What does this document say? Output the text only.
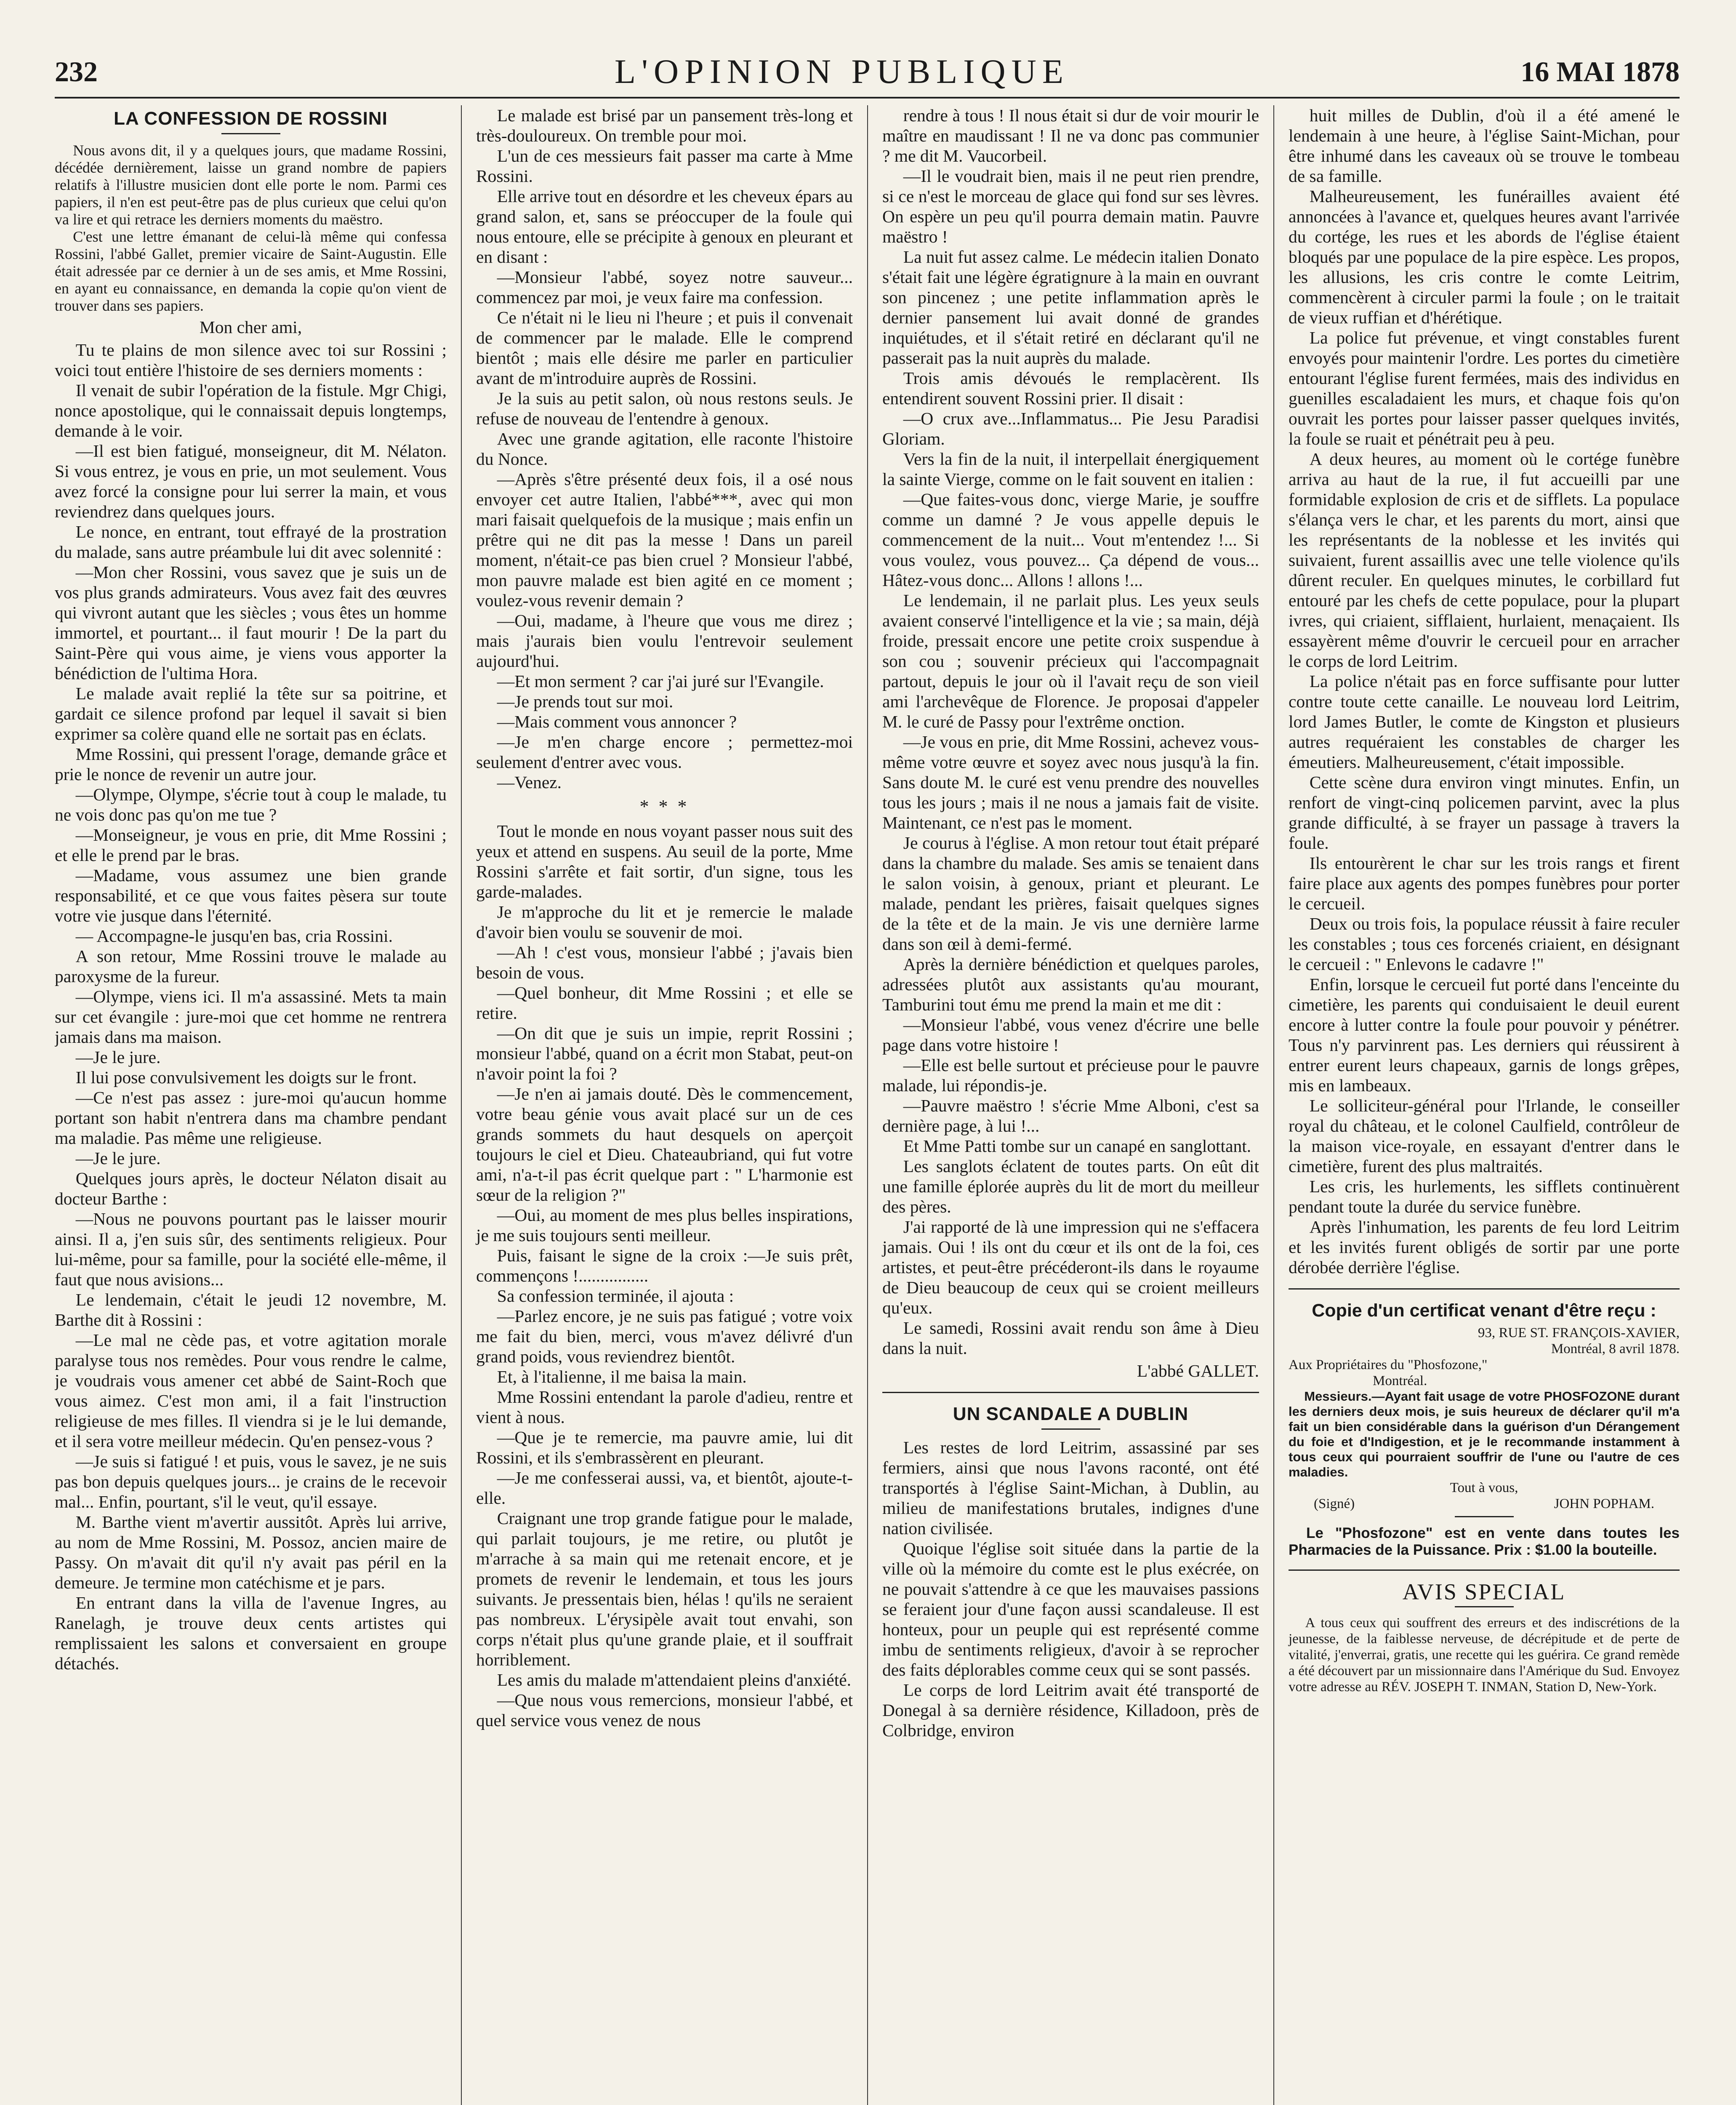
232	L'OPINION PUBLIQUE	16 MAI 1878
LA CONFESSION DE ROSSINI

Nous avons dit, il y a quelques jours, que madame Rossini, décédée dernièrement, laisse un grand nombre de papiers relatifs à l'illustre musicien dont elle porte le nom. Parmi ces papiers, il n'en est peut-être pas de plus curieux que celui qu'on va lire et qui retrace les derniers moments du maëstro.

C'est une lettre émanant de celui-là même qui confessa Rossini, l'abbé Gallet, premier vicaire de Saint-Augustin. Elle était adressée par ce dernier à un de ses amis, et Mme Rossini, en ayant eu connaissance, en demanda la copie qu'on vient de trouver dans ses papiers.

Mon cher ami,

Tu te plains de mon silence avec toi sur Rossini ; voici tout entière l'histoire de ses derniers moments :

Il venait de subir l'opération de la fistule. Mgr Chigi, nonce apostolique, qui le connaissait depuis longtemps, demande à le voir.

—Il est bien fatigué, monseigneur, dit M. Nélaton. Si vous entrez, je vous en prie, un mot seulement. Vous avez forcé la consigne pour lui serrer la main, et vous reviendrez dans quelques jours.

Le nonce, en entrant, tout effrayé de la prostration du malade, sans autre préambule lui dit avec solennité :

—Mon cher Rossini, vous savez que je suis un de vos plus grands admirateurs. Vous avez fait des œuvres qui vivront autant que les siècles ; vous êtes un homme immortel, et pourtant... il faut mourir ! De la part du Saint-Père qui vous aime, je viens vous apporter la bénédiction de l'ultima Hora.

Le malade avait replié la tête sur sa poitrine, et gardait ce silence profond par lequel il savait si bien exprimer sa colère quand elle ne sortait pas en éclats.

Mme Rossini, qui pressent l'orage, demande grâce et prie le nonce de revenir un autre jour.

—Olympe, Olympe, s'écrie tout à coup le malade, tu ne vois donc pas qu'on me tue ?

—Monseigneur, je vous en prie, dit Mme Rossini ; et elle le prend par le bras.

—Madame, vous assumez une bien grande responsabilité, et ce que vous faites pèsera sur toute votre vie jusque dans l'éternité.

— Accompagne-le jusqu'en bas, cria Rossini.

A son retour, Mme Rossini trouve le malade au paroxysme de la fureur.

—Olympe, viens ici. Il m'a assassiné. Mets ta main sur cet évangile : jure-moi que cet homme ne rentrera jamais dans ma maison.

—Je le jure.

Il lui pose convulsivement les doigts sur le front.

—Ce n'est pas assez : jure-moi qu'aucun homme portant son habit n'entrera dans ma chambre pendant ma maladie. Pas même une religieuse.

—Je le jure.

Quelques jours après, le docteur Nélaton disait au docteur Barthe :

—Nous ne pouvons pourtant pas le laisser mourir ainsi. Il a, j'en suis sûr, des sentiments religieux. Pour lui-même, pour sa famille, pour la société elle-même, il faut que nous avisions...

Le lendemain, c'était le jeudi 12 novembre, M. Barthe dit à Rossini :

—Le mal ne cède pas, et votre agitation morale paralyse tous nos remèdes. Pour vous rendre le calme, je voudrais vous amener cet abbé de Saint-Roch que vous aimez. C'est mon ami, il a fait l'instruction religieuse de mes filles. Il viendra si je le lui demande, et il sera votre meilleur médecin. Qu'en pensez-vous ?

—Je suis si fatigué ! et puis, vous le savez, je ne suis pas bon depuis quelques jours... je crains de le recevoir mal... Enfin, pourtant, s'il le veut, qu'il essaye.

M. Barthe vient m'avertir aussitôt. Après lui arrive, au nom de Mme Rossini, M. Possoz, ancien maire de Passy. On m'avait dit qu'il n'y avait pas péril en la demeure. Je termine mon catéchisme et je pars.

En entrant dans la villa de l'avenue Ingres, au Ranelagh, je trouve deux cents artistes qui remplissaient les salons et conversaient en groupe détachés.

Le malade est brisé par un pansement très-long et très-douloureux. On tremble pour moi.

L'un de ces messieurs fait passer ma carte à Mme Rossini.

Elle arrive tout en désordre et les cheveux épars au grand salon, et, sans se préoccuper de la foule qui nous entoure, elle se précipite à genoux en pleurant et en disant :

—Monsieur l'abbé, soyez notre sauveur... commencez par moi, je veux faire ma confession.

Ce n'était ni le lieu ni l'heure ; et puis il convenait de commencer par le malade. Elle le comprend bientôt ; mais elle désire me parler en particulier avant de m'introduire auprès de Rossini.

Je la suis au petit salon, où nous restons seuls. Je refuse de nouveau de l'entendre à genoux.

Avec une grande agitation, elle raconte l'histoire du Nonce.

—Après s'être présenté deux fois, il a osé nous envoyer cet autre Italien, l'abbé***, avec qui mon mari faisait quelquefois de la musique ; mais enfin un prêtre qui ne dit pas la messe ! Dans un pareil moment, n'était-ce pas bien cruel ? Monsieur l'abbé, mon pauvre malade est bien agité en ce moment ; voulez-vous revenir demain ?

—Oui, madame, à l'heure que vous me direz ; mais j'aurais bien voulu l'entrevoir seulement aujourd'hui.

—Et mon serment ? car j'ai juré sur l'Evangile.

—Je prends tout sur moi.

—Mais comment vous annoncer ?

—Je m'en charge encore ; permettez-moi seulement d'entrer avec vous.

—Venez.

* * *

Tout le monde en nous voyant passer nous suit des yeux et attend en suspens. Au seuil de la porte, Mme Rossini s'arrête et fait sortir, d'un signe, tous les garde-malades.

Je m'approche du lit et je remercie le malade d'avoir bien voulu se souvenir de moi.

—Ah ! c'est vous, monsieur l'abbé ; j'avais bien besoin de vous.

—Quel bonheur, dit Mme Rossini ; et elle se retire.

—On dit que je suis un impie, reprit Rossini ; monsieur l'abbé, quand on a écrit mon Stabat, peut-on n'avoir point la foi ?

—Je n'en ai jamais douté. Dès le commencement, votre beau génie vous avait placé sur un de ces grands sommets du haut desquels on aperçoit toujours le ciel et Dieu. Chateaubriand, qui fut votre ami, n'a-t-il pas écrit quelque part : " L'harmonie est sœur de la religion ?"

—Oui, au moment de mes plus belles inspirations, je me suis toujours senti meilleur.

Puis, faisant le signe de la croix :—Je suis prêt, commençons !................

Sa confession terminée, il ajouta :

—Parlez encore, je ne suis pas fatigué ; votre voix me fait du bien, merci, vous m'avez délivré d'un grand poids, vous reviendrez bientôt.

Et, à l'italienne, il me baisa la main.

Mme Rossini entendant la parole d'adieu, rentre et vient à nous.

—Que je te remercie, ma pauvre amie, lui dit Rossini, et ils s'embrassèrent en pleurant.

—Je me confesserai aussi, va, et bientôt, ajoute-t-elle.

Craignant une trop grande fatigue pour le malade, qui parlait toujours, je me retire, ou plutôt je m'arrache à sa main qui me retenait encore, et je promets de revenir le lendemain, et tous les jours suivants. Je pressentais bien, hélas ! qu'ils ne seraient pas nombreux. L'érysipèle avait tout envahi, son corps n'était plus qu'une grande plaie, et il souffrait horriblement.

Les amis du malade m'attendaient pleins d'anxiété.

—Que nous vous remercions, monsieur l'abbé, et quel service vous venez de nous

rendre à tous ! Il nous était si dur de voir mourir le maître en maudissant ! Il ne va donc pas communier ? me dit M. Vaucorbeil.

—Il le voudrait bien, mais il ne peut rien prendre, si ce n'est le morceau de glace qui fond sur ses lèvres. On espère un peu qu'il pourra demain matin. Pauvre maëstro !

La nuit fut assez calme. Le médecin italien Donato s'était fait une légère égratignure à la main en ouvrant son pincenez ; une petite inflammation après le dernier pansement lui avait donné de grandes inquiétudes, et il s'était retiré en déclarant qu'il ne passerait pas la nuit auprès du malade.

Trois amis dévoués le remplacèrent. Ils entendirent souvent Rossini prier. Il disait :

—O crux ave...Inflammatus... Pie Jesu Paradisi Gloriam.

Vers la fin de la nuit, il interpellait énergiquement la sainte Vierge, comme on le fait souvent en italien :

—Que faites-vous donc, vierge Marie, je souffre comme un damné ? Je vous appelle depuis le commencement de la nuit... Vout m'entendez !... Si vous voulez, vous pouvez... Ça dépend de vous... Hâtez-vous donc... Allons ! allons !...

Le lendemain, il ne parlait plus. Les yeux seuls avaient conservé l'intelligence et la vie ; sa main, déjà froide, pressait encore une petite croix suspendue à son cou ; souvenir précieux qui l'accompagnait partout, depuis le jour où il l'avait reçu de son vieil ami l'archevêque de Florence. Je proposai d'appeler M. le curé de Passy pour l'extrême onction.

—Je vous en prie, dit Mme Rossini, achevez vous-même votre œuvre et soyez avec nous jusqu'à la fin. Sans doute M. le curé est venu prendre des nouvelles tous les jours ; mais il ne nous a jamais fait de visite. Maintenant, ce n'est pas le moment.

Je courus à l'église. A mon retour tout était préparé dans la chambre du malade. Ses amis se tenaient dans le salon voisin, à genoux, priant et pleurant. Le malade, pendant les prières, faisait quelques signes de la tête et de la main. Je vis une dernière larme dans son œil à demi-fermé.

Après la dernière bénédiction et quelques paroles, adressées plutôt aux assistants qu'au mourant, Tamburini tout ému me prend la main et me dit :

—Monsieur l'abbé, vous venez d'écrire une belle page dans votre histoire !

—Elle est belle surtout et précieuse pour le pauvre malade, lui répondis-je.

—Pauvre maëstro ! s'écrie Mme Alboni, c'est sa dernière page, à lui !...

Et Mme Patti tombe sur un canapé en sanglottant.

Les sanglots éclatent de toutes parts. On eût dit une famille éplorée auprès du lit de mort du meilleur des pères.

J'ai rapporté de là une impression qui ne s'effacera jamais. Oui ! ils ont du cœur et ils ont de la foi, ces artistes, et peut-être précéderont-ils dans le royaume de Dieu beaucoup de ceux qui se croient meilleurs qu'eux.

Le samedi, Rossini avait rendu son âme à Dieu dans la nuit.

L'abbé GALLET.

UN SCANDALE A DUBLIN

Les restes de lord Leitrim, assassiné par ses fermiers, ainsi que nous l'avons raconté, ont été transportés à l'église Saint-Michan, à Dublin, au milieu de manifestations brutales, indignes d'une nation civilisée.

Quoique l'église soit située dans la partie de la ville où la mémoire du comte est le plus exécrée, on ne pouvait s'attendre à ce que les mauvaises passions se feraient jour d'une façon aussi scandaleuse. Il est honteux, pour un peuple qui est représenté comme imbu de sentiments religieux, d'avoir à se reprocher des faits déplorables comme ceux qui se sont passés.

Le corps de lord Leitrim avait été transporté de Donegal à sa dernière résidence, Killadoon, près de Colbridge, environ

huit milles de Dublin, d'où il a été amené le lendemain à une heure, à l'église Saint-Michan, pour être inhumé dans les caveaux où se trouve le tombeau de sa famille.

Malheureusement, les funérailles avaient été annoncées à l'avance et, quelques heures avant l'arrivée du cortége, les rues et les abords de l'église étaient bloqués par une populace de la pire espèce. Les propos, les allusions, les cris contre le comte Leitrim, commencèrent à circuler parmi la foule ; on le traitait de vieux ruffian et d'hérétique.

La police fut prévenue, et vingt constables furent envoyés pour maintenir l'ordre. Les portes du cimetière entourant l'église furent fermées, mais des individus en guenilles escaladaient les murs, et chaque fois qu'on ouvrait les portes pour laisser passer quelques invités, la foule se ruait et pénétrait peu à peu.

A deux heures, au moment où le cortége funèbre arriva au haut de la rue, il fut accueilli par une formidable explosion de cris et de sifflets. La populace s'élança vers le char, et les parents du mort, ainsi que les représentants de la noblesse et les invités qui suivaient, furent assaillis avec une telle violence qu'ils dûrent reculer. En quelques minutes, le corbillard fut entouré par les chefs de cette populace, pour la plupart ivres, qui criaient, sifflaient, hurlaient, menaçaient. Ils essayèrent même d'ouvrir le cercueil pour en arracher le corps de lord Leitrim.

La police n'était pas en force suffisante pour lutter contre toute cette canaille. Le nouveau lord Leitrim, lord James Butler, le comte de Kingston et plusieurs autres requéraient les constables de charger les émeutiers. Malheureusement, c'était impossible.

Cette scène dura environ vingt minutes. Enfin, un renfort de vingt-cinq policemen parvint, avec la plus grande difficulté, à se frayer un passage à travers la foule.

Ils entourèrent le char sur les trois rangs et firent faire place aux agents des pompes funèbres pour porter le cercueil.

Deux ou trois fois, la populace réussit à faire reculer les constables ; tous ces forcenés criaient, en désignant le cercueil : " Enlevons le cadavre !"

Enfin, lorsque le cercueil fut porté dans l'enceinte du cimetière, les parents qui conduisaient le deuil eurent encore à lutter contre la foule pour pouvoir y pénétrer. Tous n'y parvinrent pas. Les derniers qui réussirent à entrer eurent leurs chapeaux, garnis de longs grêpes, mis en lambeaux.

Le solliciteur-général pour l'Irlande, le conseiller royal du château, et le colonel Caulfield, contrôleur de la maison vice-royale, en essayant d'entrer dans le cimetière, furent des plus maltraités.

Les cris, les hurlements, les sifflets continuèrent pendant toute la durée du service funèbre.

Après l'inhumation, les parents de feu lord Leitrim et les invités furent obligés de sortir par une porte dérobée derrière l'église.

Copie d'un certificat venant d'être reçu :
93, RUE ST. FRANÇOIS-XAVIER,
Montréal, 8 avril 1878.
Aux Propriétaires du "Phosfozone,"
Montréal.

Messieurs.—Ayant fait usage de votre PHOSFOZONE durant les derniers deux mois, je suis heureux de déclarer qu'il m'a fait un bien considérable dans la guérison d'un Dérangement du foie et d'Indigestion, et je le recommande instamment à tous ceux qui pourraient souffrir de l'une ou l'autre de ces maladies.

Tout à vous,
(Signé)	JOHN POPHAM.

Le "Phosfozone" est en vente dans toutes les Pharmacies de la Puissance. Prix : $1.00 la bouteille.

AVIS SPECIAL

A tous ceux qui souffrent des erreurs et des indiscrétions de la jeunesse, de la faiblesse nerveuse, de décrépitude et de perte de vitalité, j'enverrai, gratis, une recette qui les guérira. Ce grand remède a été découvert par un missionnaire dans l'Amérique du Sud. Envoyez votre adresse au RÉV. JOSEPH T. INMAN, Station D, New-York.
